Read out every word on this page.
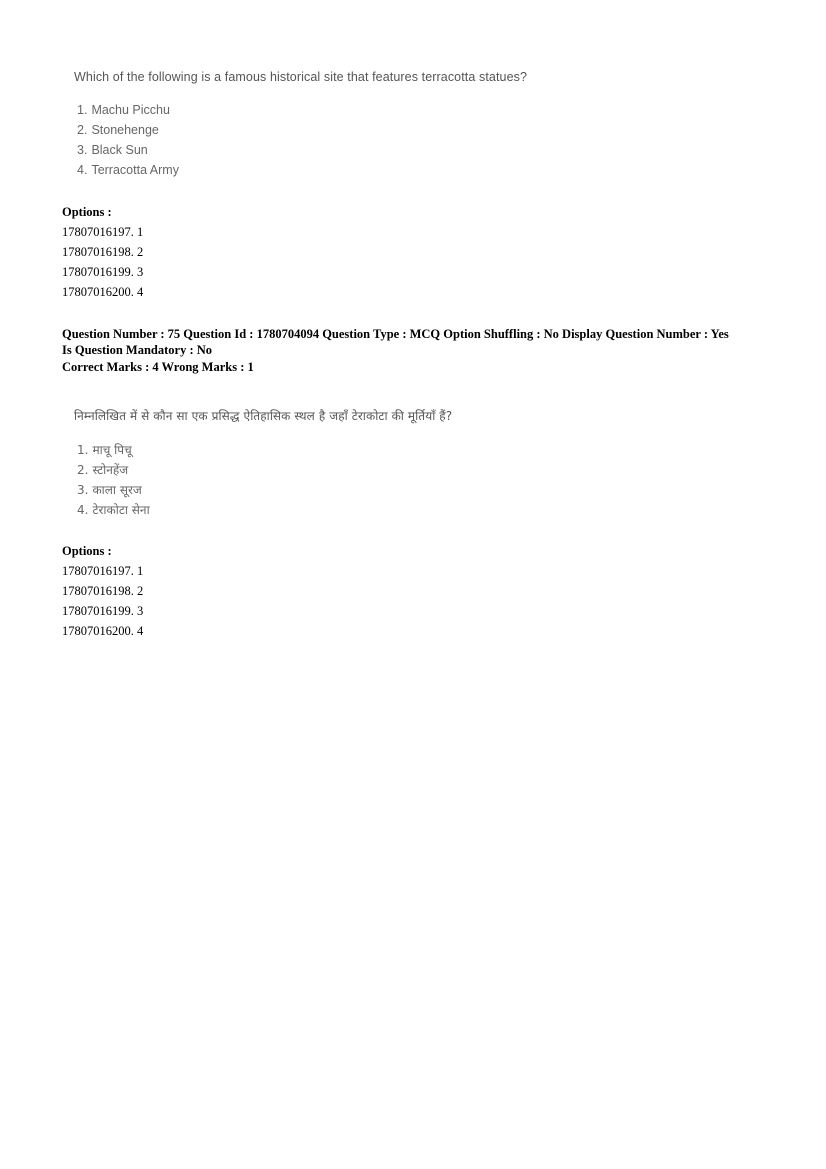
Which of the following is a famous historical site that features terracotta statues?
1. Machu Picchu
2. Stonehenge
3. Black Sun
4. Terracotta Army
Options :
17807016197. 1
17807016198. 2
17807016199. 3
17807016200. 4
Question Number : 75 Question Id : 1780704094 Question Type : MCQ Option Shuffling : No Display Question Number : Yes
Is Question Mandatory : No
Correct Marks : 4 Wrong Marks : 1
निम्नलिखित में से कौन सा एक प्रसिद्ध ऐतिहासिक स्थल है जहाँ टेराकोटा की मूर्तियाँ हैं?
1. माचू पिचू
2. स्टोनहेंज
3. काला सूरज
4. टेराकोटा सेना
Options :
17807016197. 1
17807016198. 2
17807016199. 3
17807016200. 4
